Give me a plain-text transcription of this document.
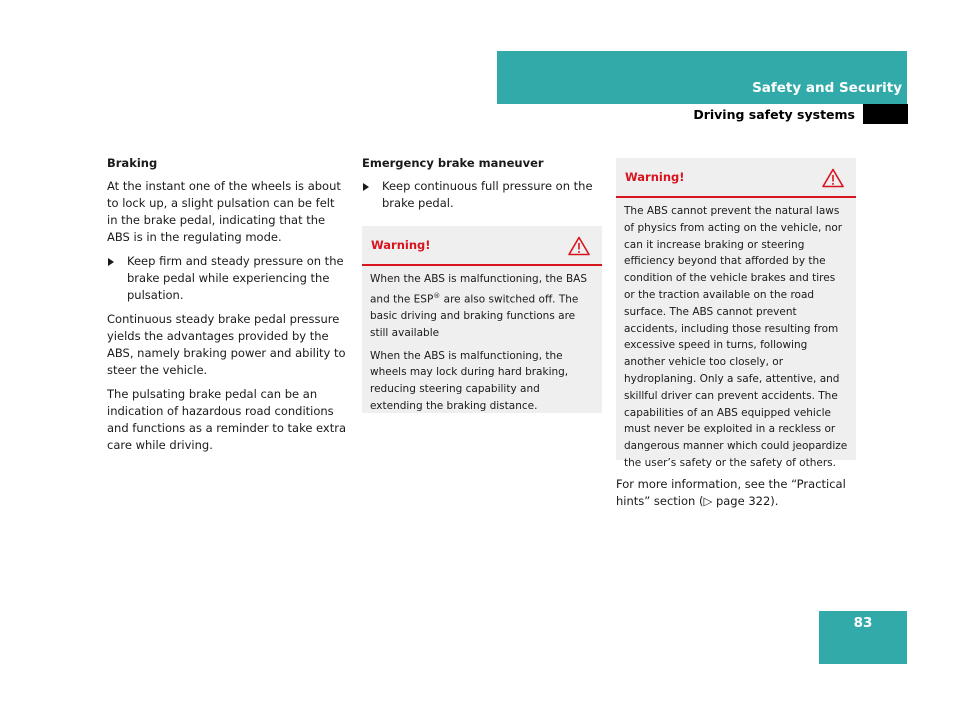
Safety and Security
Driving safety systems

Braking

At the instant one of the wheels is about to lock up, a slight pulsation can be felt in the brake pedal, indicating that the ABS is in the regulating mode.

Keep firm and steady pressure on the brake pedal while experiencing the pulsation.

Continuous steady brake pedal pressure yields the advantages provided by the ABS, namely braking power and ability to steer the vehicle.

The pulsating brake pedal can be an indication of hazardous road conditions and functions as a reminder to take extra care while driving.

Emergency brake maneuver

Keep continuous full pressure on the brake pedal.

Warning!

When the ABS is malfunctioning, the BAS and the ESP® are also switched off. The basic driving and braking functions are still available

When the ABS is malfunctioning, the wheels may lock during hard braking, reducing steering capability and extending the braking distance.

Warning!

The ABS cannot prevent the natural laws of physics from acting on the vehicle, nor can it increase braking or steering efficiency beyond that afforded by the condition of the vehicle brakes and tires or the traction available on the road surface. The ABS cannot prevent accidents, including those resulting from excessive speed in turns, following another vehicle too closely, or hydroplaning. Only a safe, attentive, and skillful driver can prevent accidents. The capabilities of an ABS equipped vehicle must never be exploited in a reckless or dangerous manner which could jeopardize the user’s safety or the safety of others.

For more information, see the “Practical hints” section (▷ page 322).

83
